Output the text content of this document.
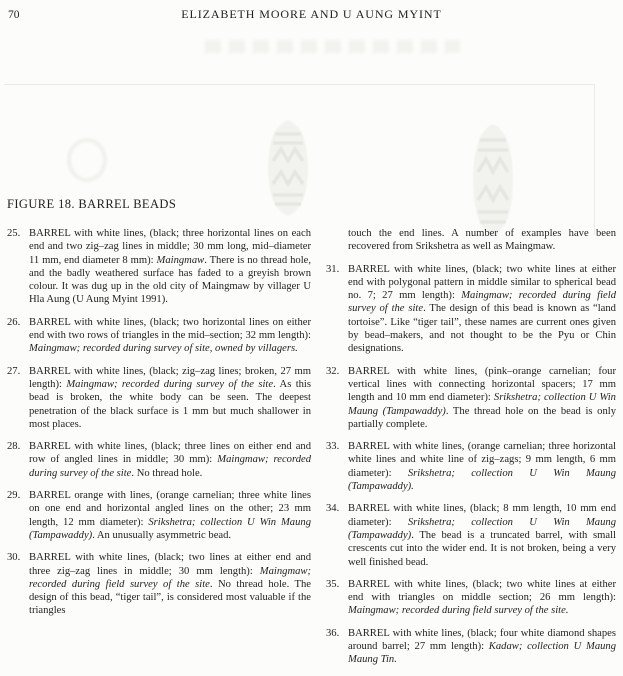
70	ELIZABETH MOORE AND U AUNG MYINT
FIGURE 18. BARREL BEADS
25. BARREL with white lines, (black; three horizontal lines on each end and two zig–zag lines in middle; 30 mm long, mid–diameter 11 mm, end diameter 8 mm): Maingmaw. There is no thread hole, and the badly weathered surface has faded to a greyish brown colour. It was dug up in the old city of Maingmaw by villager U Hla Aung (U Aung Myint 1991).
26. BARREL with white lines, (black; two horizontal lines on either end with two rows of triangles in the mid–section; 32 mm length): Maingmaw; recorded during survey of site, owned by villagers.
27. BARREL with white lines, (black; zig–zag lines; broken, 27 mm length): Maingmaw; recorded during survey of the site. As this bead is broken, the white body can be seen. The deepest penetration of the black surface is 1 mm but much shallower in most places.
28. BARREL with white lines, (black; three lines on either end and row of angled lines in middle; 30 mm): Maingmaw; recorded during survey of the site. No thread hole.
29. BARREL orange with lines, (orange carnelian; three white lines on one end and horizontal angled lines on the other; 23 mm length, 12 mm diameter): Srikshetra; collection U Win Maung (Tampawaddy). An unusually asymmetric bead.
30. BARREL with white lines, (black; two lines at either end and three zig–zag lines in middle; 30 mm length): Maingmaw; recorded during field survey of the site. No thread hole. The design of this bead, “tiger tail”, is considered most valuable if the triangles
touch the end lines. A number of examples have been recovered from Srikshetra as well as Maingmaw.
31. BARREL with white lines, (black; two white lines at either end with polygonal pattern in middle similar to spherical bead no. 7; 27 mm length): Maingmaw; recorded during field survey of the site. The design of this bead is known as “land tortoise”. Like “tiger tail”, these names are current ones given by bead–makers, and not thought to be the Pyu or Chin designations.
32. BARREL with white lines, (pink–orange carnelian; four vertical lines with connecting horizontal spacers; 17 mm length and 10 mm end diameter): Srikshetra; collection U Win Maung (Tampawaddy). The thread hole on the bead is only partially complete.
33. BARREL with white lines, (orange carnelian; three horizontal white lines and white line of zig–zags; 9 mm length, 6 mm diameter): Srikshetra; collection U Win Maung (Tampawaddy).
34. BARREL with white lines, (black; 8 mm length, 10 mm end diameter): Srikshetra; collection U Win Maung (Tampawaddy). The bead is a truncated barrel, with small crescents cut into the wider end. It is not broken, being a very well finished bead.
35. BARREL with white lines, (black; two white lines at either end with triangles on middle section; 26 mm length): Maingmaw; recorded during field survey of the site.
36. BARREL with white lines, (black; four white diamond shapes around barrel; 27 mm length): Kadaw; collection U Maung Maung Tin.
